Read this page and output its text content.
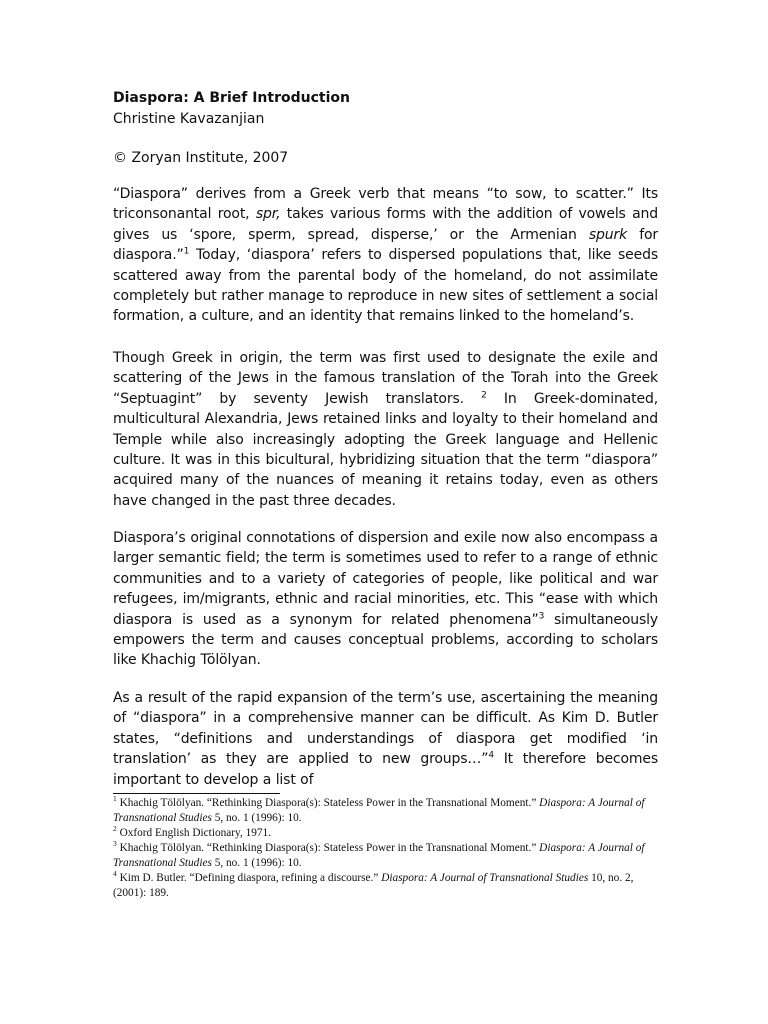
Diaspora: A Brief Introduction
Christine Kavazanjian
© Zoryan Institute, 2007

“Diaspora” derives from a Greek verb that means “to sow, to scatter.” Its triconsonantal root, spr, takes various forms with the addition of vowels and gives us ‘spore, sperm, spread, disperse,’ or the Armenian spurk for diaspora.”$^1$ Today, ‘diaspora’ refers to dispersed populations that, like seeds scattered away from the parental body of the homeland, do not assimilate completely but rather manage to reproduce in new sites of settlement a social formation, a culture, and an identity that remains linked to the homeland’s.

Though Greek in origin, the term was first used to designate the exile and scattering of the Jews in the famous translation of the Torah into the Greek “Septuagint” by seventy Jewish translators. $^2$ In Greek-dominated, multicultural Alexandria, Jews retained links and loyalty to their homeland and Temple while also increasingly adopting the Greek language and Hellenic culture. It was in this bicultural, hybridizing situation that the term “diaspora” acquired many of the nuances of meaning it retains today, even as others have changed in the past three decades.

Diaspora’s original connotations of dispersion and exile now also encompass a larger semantic field; the term is sometimes used to refer to a range of ethnic communities and to a variety of categories of people, like political and war refugees, im/migrants, ethnic and racial minorities, etc. This “ease with which diaspora is used as a synonym for related phenomena”$^3$ simultaneously empowers the term and causes conceptual problems, according to scholars like Khachig Tölölyan.

As a result of the rapid expansion of the term’s use, ascertaining the meaning of “diaspora” in a comprehensive manner can be difficult. As Kim D. Butler states, “definitions and understandings of diaspora get modified ‘in translation’ as they are applied to new groups…”$^4$ It therefore becomes important to develop a list of

$^1$ Khachig Tölölyan. “Rethinking Diaspora(s): Stateless Power in the Transnational Moment.” Diaspora: A Journal of Transnational Studies 5, no. 1 (1996): 10.

$^2$ Oxford English Dictionary, 1971.

$^3$ Khachig Tölölyan. “Rethinking Diaspora(s): Stateless Power in the Transnational Moment.” Diaspora: A Journal of Transnational Studies 5, no. 1 (1996): 10.

$^4$ Kim D. Butler. “Defining diaspora, refining a discourse.” Diaspora: A Journal of Transnational Studies 10, no. 2, (2001): 189.
